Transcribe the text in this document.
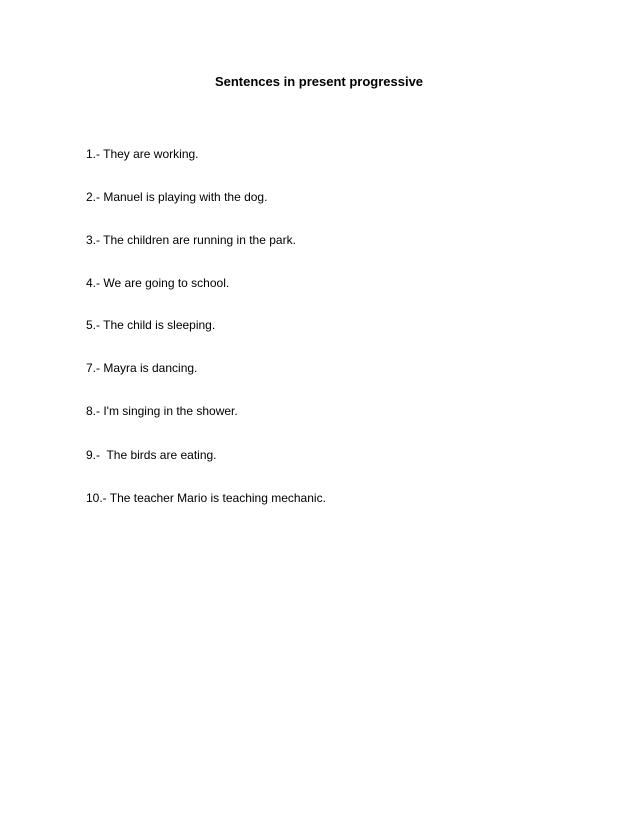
Sentences in present progressive
1.- They are working.
2.- Manuel is playing with the dog.
3.- The children are running in the park.
4.- We are going to school.
5.- The child is sleeping.
7.- Mayra is dancing.
8.- I'm singing in the shower.
9.-  The birds are eating.
10.- The teacher Mario is teaching mechanic.
